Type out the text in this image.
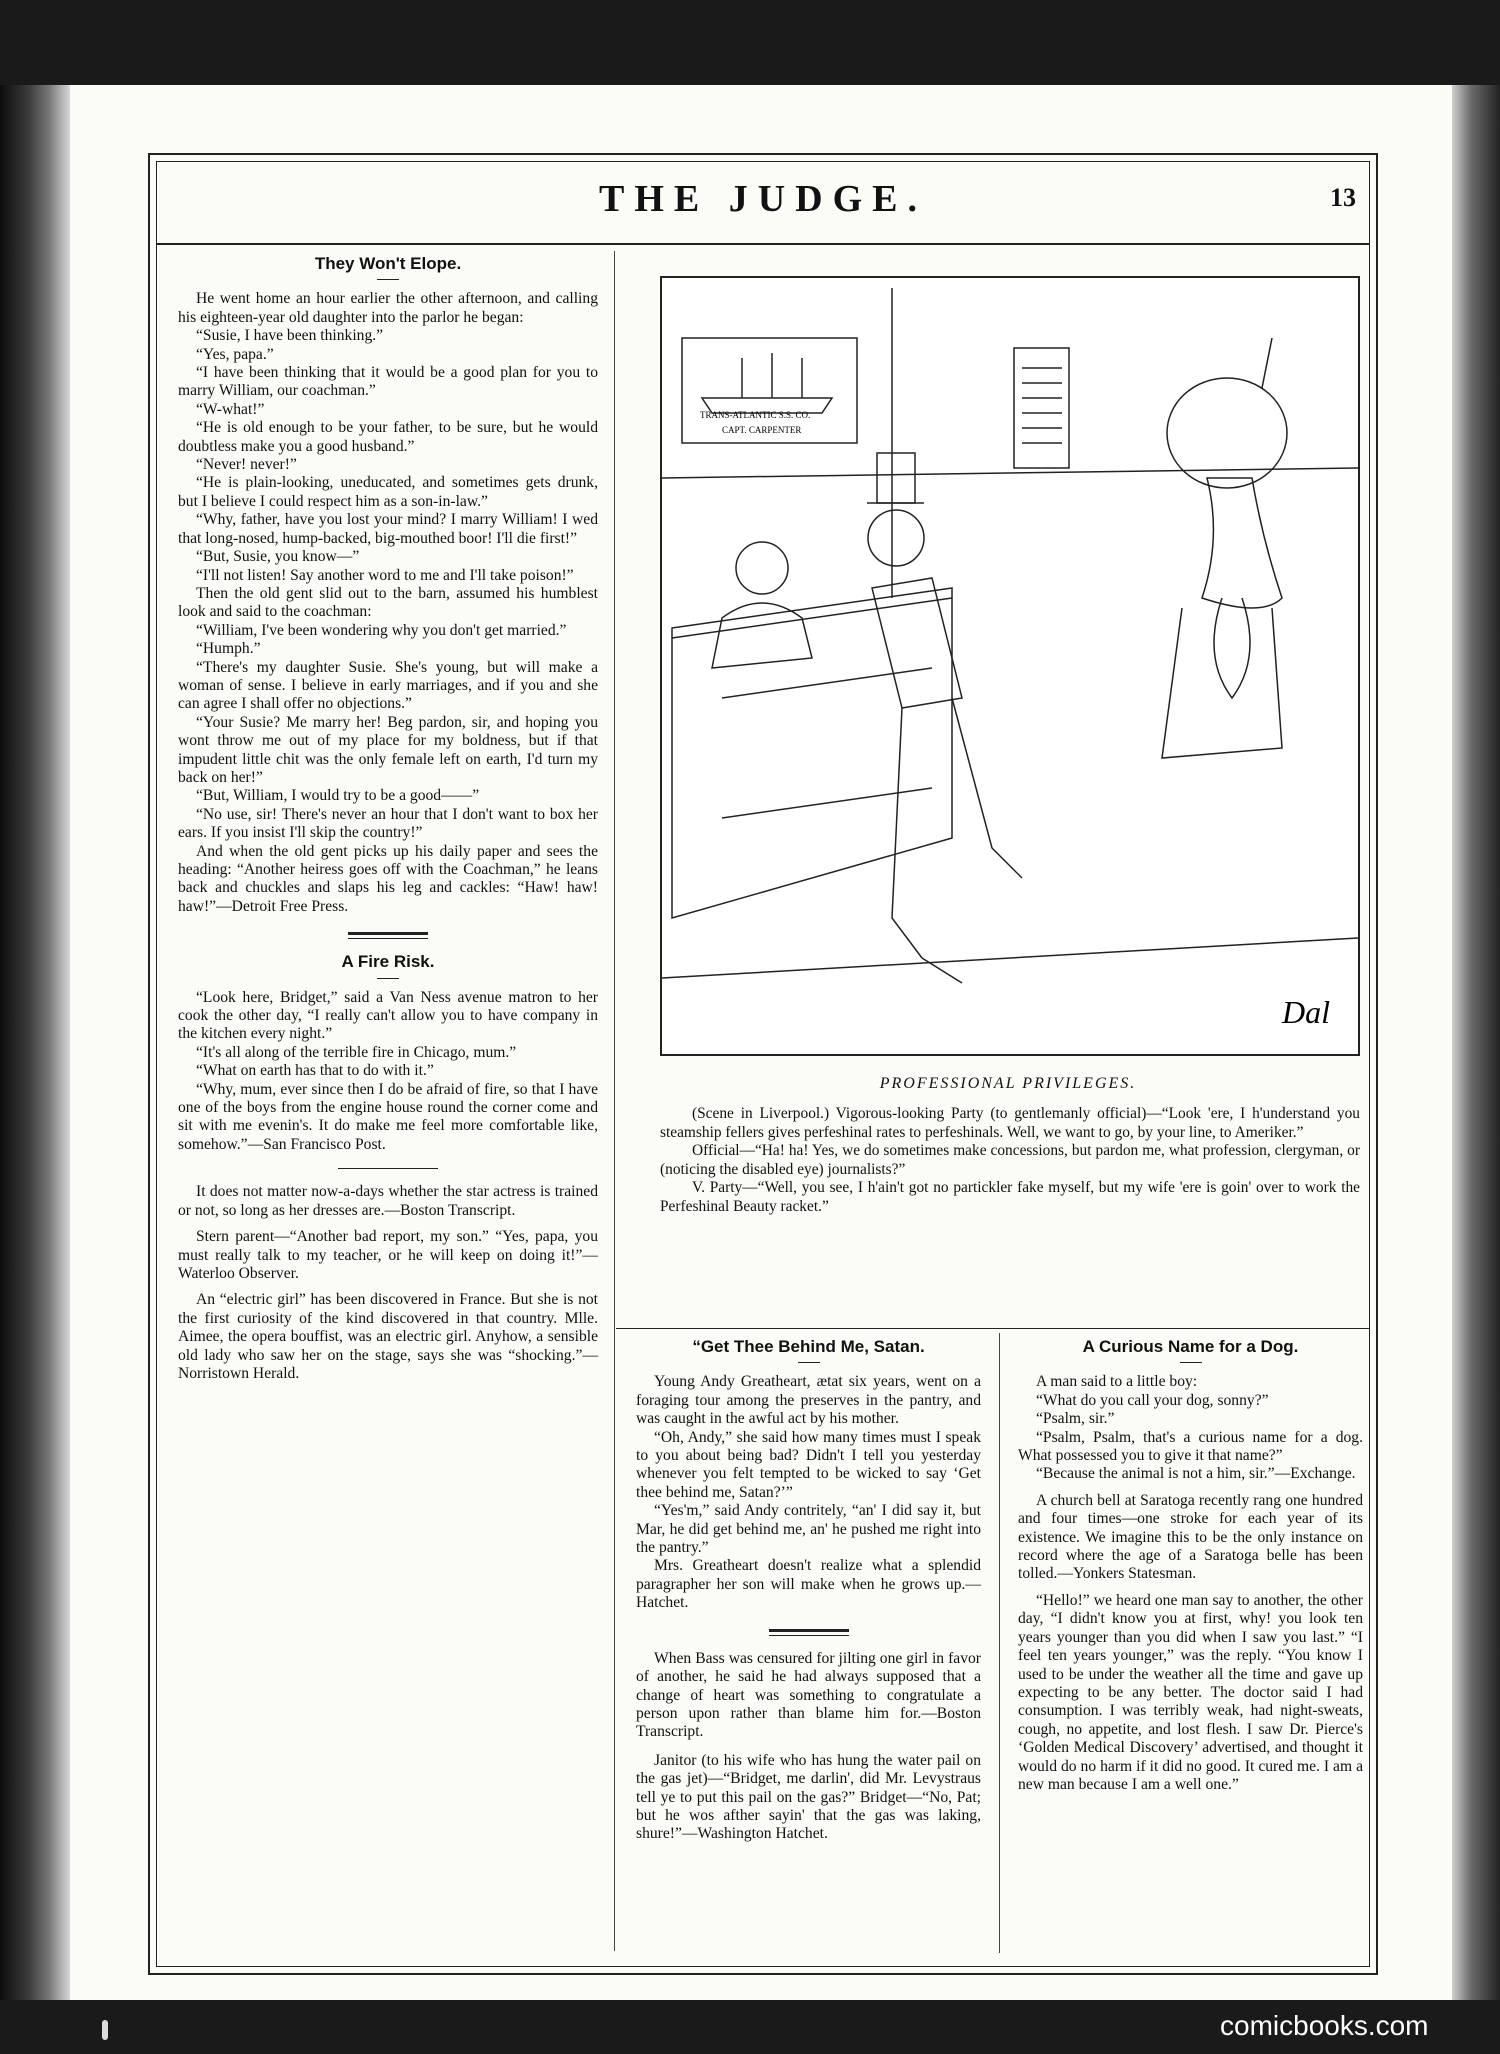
THE JUDGE.	13
They Won't Elope.

He went home an hour earlier the other afternoon, and calling his eighteen-year old daughter into the parlor he began:

“Susie, I have been thinking.”

“Yes, papa.”

“I have been thinking that it would be a good plan for you to marry William, our coachman.”

“W-what!”

“He is old enough to be your father, to be sure, but he would doubtless make you a good husband.”

“Never! never!”

“He is plain-looking, uneducated, and sometimes gets drunk, but I believe I could respect him as a son-in-law.”

“Why, father, have you lost your mind? I marry William! I wed that long-nosed, hump-backed, big-mouthed boor! I'll die first!”

“But, Susie, you know—”

“I'll not listen! Say another word to me and I'll take poison!”

Then the old gent slid out to the barn, assumed his humblest look and said to the coachman:

“William, I've been wondering why you don't get married.”

“Humph.”

“There's my daughter Susie. She's young, but will make a woman of sense. I believe in early marriages, and if you and she can agree I shall offer no objections.”

“Your Susie? Me marry her! Beg pardon, sir, and hoping you wont throw me out of my place for my boldness, but if that impudent little chit was the only female left on earth, I'd turn my back on her!”

“But, William, I would try to be a good——”

“No use, sir! There's never an hour that I don't want to box her ears. If you insist I'll skip the country!”

And when the old gent picks up his daily paper and sees the heading: “Another heiress goes off with the Coachman,” he leans back and chuckles and slaps his leg and cackles: “Haw! haw! haw!”—Detroit Free Press.

A Fire Risk.

“Look here, Bridget,” said a Van Ness avenue matron to her cook the other day, “I really can't allow you to have company in the kitchen every night.”

“It's all along of the terrible fire in Chicago, mum.”

“What on earth has that to do with it.”

“Why, mum, ever since then I do be afraid of fire, so that I have one of the boys from the engine house round the corner come and sit with me evenin's. It do make me feel more comfortable like, somehow.”—San Francisco Post.

It does not matter now-a-days whether the star actress is trained or not, so long as her dresses are.—Boston Transcript.

Stern parent—“Another bad report, my son.” “Yes, papa, you must really talk to my teacher, or he will keep on doing it!”—Waterloo Observer.

An “electric girl” has been discovered in France. But she is not the first curiosity of the kind discovered in that country. Mlle. Aimee, the opera bouffist, was an electric girl. Anyhow, a sensible old lady who saw her on the stage, says she was “shocking.”—Norristown Herald.

TRANS-ATLANTIC S.S. CO.
CAPT. CARPENTER
Dal
PROFESSIONAL PRIVILEGES.

(Scene in Liverpool.) Vigorous-looking Party (to gentlemanly official)—“Look 'ere, I h'understand you steamship fellers gives perfeshinal rates to perfeshinals. Well, we want to go, by your line, to Ameriker.”

Official—“Ha! ha! Yes, we do sometimes make concessions, but pardon me, what profession, clergyman, or (noticing the disabled eye) journalists?”

V. Party—“Well, you see, I h'ain't got no partickler fake myself, but my wife 'ere is goin' over to work the Perfeshinal Beauty racket.”

“Get Thee Behind Me, Satan.

Young Andy Greatheart, ætat six years, went on a foraging tour among the preserves in the pantry, and was caught in the awful act by his mother.

“Oh, Andy,” she said how many times must I speak to you about being bad? Didn't I tell you yesterday whenever you felt tempted to be wicked to say ‘Get thee behind me, Satan?’”

“Yes'm,” said Andy contritely, “an' I did say it, but Mar, he did get behind me, an' he pushed me right into the pantry.”

Mrs. Greatheart doesn't realize what a splendid paragrapher her son will make when he grows up.—Hatchet.

When Bass was censured for jilting one girl in favor of another, he said he had always supposed that a change of heart was something to congratulate a person upon rather than blame him for.—Boston Transcript.

Janitor (to his wife who has hung the water pail on the gas jet)—“Bridget, me darlin', did Mr. Levystraus tell ye to put this pail on the gas?” Bridget—“No, Pat; but he wos afther sayin' that the gas was laking, shure!”—Washington Hatchet.

A Curious Name for a Dog.

A man said to a little boy:

“What do you call your dog, sonny?”

“Psalm, sir.”

“Psalm, Psalm, that's a curious name for a dog. What possessed you to give it that name?”

“Because the animal is not a him, sir.”—Exchange.

A church bell at Saratoga recently rang one hundred and four times—one stroke for each year of its existence. We imagine this to be the only instance on record where the age of a Saratoga belle has been tolled.—Yonkers Statesman.

“Hello!” we heard one man say to another, the other day, “I didn't know you at first, why! you look ten years younger than you did when I saw you last.” “I feel ten years younger,” was the reply. “You know I used to be under the weather all the time and gave up expecting to be any better. The doctor said I had consumption. I was terribly weak, had night-sweats, cough, no appetite, and lost flesh. I saw Dr. Pierce's ‘Golden Medical Discovery’ advertised, and thought it would do no harm if it did no good. It cured me. I am a new man because I am a well one.”

comicbooks.com
